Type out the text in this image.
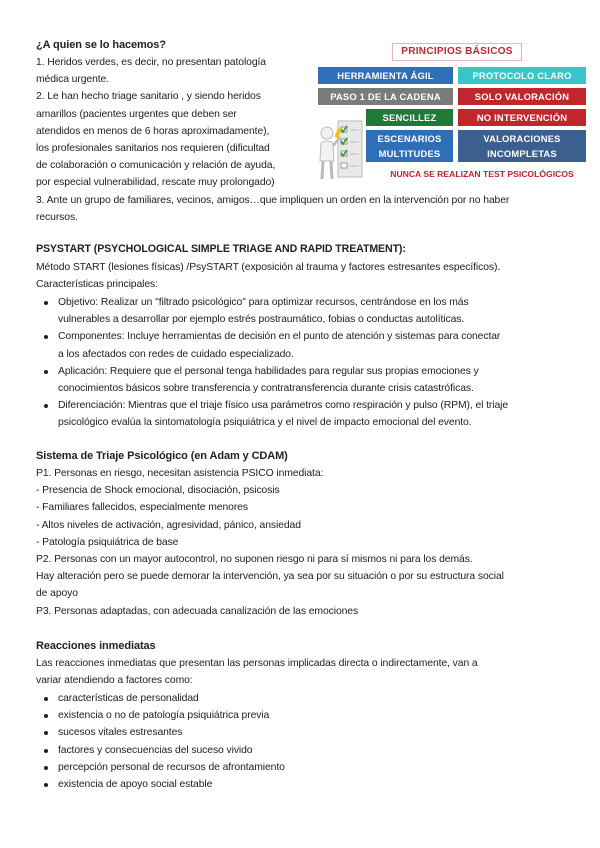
¿A quien se lo hacemos?
1. Heridos verdes, es decir, no presentan patología
médica urgente.
2. Le han hecho triage sanitario , y siendo heridos
amarillos (pacientes urgentes que deben ser
atendidos en menos de 6 horas aproximadamente),
los profesionales sanitarios nos requieren (dificultad
de colaboración o comunicación y relación de ayuda,
por especial vulnerabilidad, rescate muy prolongado)
3. Ante un grupo de familiares, vecinos, amigos…que impliquen un orden en la intervención por no haber
recursos.
PRINCIPIOS BÁSICOS
HERRAMIENTA ÁGIL	PROTOCOLO CLARO
PASO 1 DE LA CADENA	SOLO VALORACIÓN
SENCILLEZ	NO INTERVENCIÓN
ESCENARIOS
MULTITUDES
VALORACIONES
INCOMPLETAS
NUNCA SE REALIZAN TEST PSICOLÓGICOS
PSYSTART (PSYCHOLOGICAL SIMPLE TRIAGE AND RAPID TREATMENT):
Método START (lesiones físicas) /PsySTART (exposición al trauma y factores estresantes específicos).
Características principales:
Objetivo: Realizar un "filtrado psicológico" para optimizar recursos, centrándose en los más
vulnerables a desarrollar por ejemplo estrés postraumático, fobias o conductas autolíticas.
Componentes: Incluye herramientas de decisión en el punto de atención y sistemas para conectar
a los afectados con redes de cuidado especializado.
Aplicación: Requiere que el personal tenga habilidades para regular sus propias emociones y
conocimientos básicos sobre transferencia y contratransferencia durante crisis catastróficas.
Diferenciación: Mientras que el triaje físico usa parámetros como respiración y pulso (RPM), el triaje
psicológico evalúa la sintomatología psiquiátrica y el nivel de impacto emocional del evento.
Sistema de Triaje Psicológico (en Adam y CDAM)
P1. Personas en riesgo, necesitan asistencia PSICO inmediata:
- Presencia de Shock emocional, disociación, psicosis
- Familiares fallecidos, especialmente menores
- Altos niveles de activación, agresividad, pánico, ansiedad
- Patología psiquiátrica de base
P2. Personas con un mayor autocontrol, no suponen riesgo ni para sí mismos ni para los demás.
Hay alteración pero se puede demorar la intervención, ya sea por su situación o por su estructura social
de apoyo
P3. Personas adaptadas, con adecuada canalización de las emociones
Reacciones inmediatas
Las reacciones inmediatas que presentan las personas implicadas directa o indirectamente, van a
variar atendiendo a factores como:
características de personalidad
existencia o no de patología psiquiátrica previa
sucesos vitales estresantes
factores y consecuencias del suceso vivido
percepción personal de recursos de afrontamiento
existencia de apoyo social estable
